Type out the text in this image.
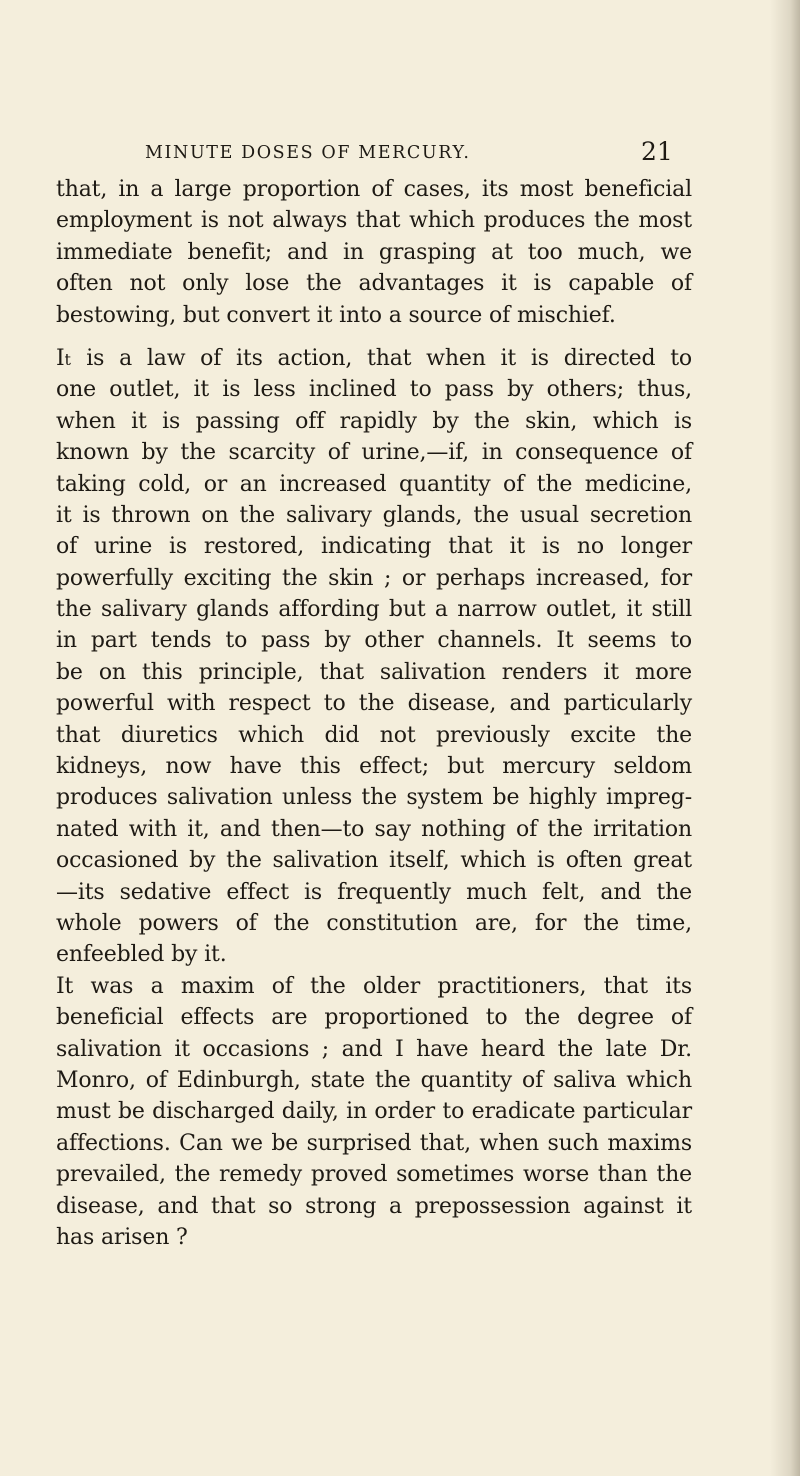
MINUTE DOSES OF MERCURY.	21
that, in a large proportion of cases, its most beneficial
employment is not always that which produces the most
immediate benefit; and in grasping at too much, we
often not only lose the advantages it is capable of
bestowing, but convert it into a source of mischief.
It is a law of its action, that when it is directed to
one outlet, it is less inclined to pass by others; thus,
when it is passing off rapidly by the skin, which is
known by the scarcity of urine,—if, in consequence of
taking cold, or an increased quantity of the medicine,
it is thrown on the salivary glands, the usual secretion
of urine is restored, indicating that it is no longer
powerfully exciting the skin ; or perhaps increased, for
the salivary glands affording but a narrow outlet, it still
in part tends to pass by other channels. It seems to
be on this principle, that salivation renders it more
powerful with respect to the disease, and particularly
that diuretics which did not previously excite the
kidneys, now have this effect; but mercury seldom
produces salivation unless the system be highly impreg-
nated with it, and then—to say nothing of the irritation
occasioned by the salivation itself, which is often great
—its sedative effect is frequently much felt, and the
whole powers of the constitution are, for the time,
enfeebled by it.
It was a maxim of the older practitioners, that its
beneficial effects are proportioned to the degree of
salivation it occasions ; and I have heard the late Dr.
Monro, of Edinburgh, state the quantity of saliva which
must be discharged daily, in order to eradicate particular
affections. Can we be surprised that, when such maxims
prevailed, the remedy proved sometimes worse than the
disease, and that so strong a prepossession against it
has arisen ?
